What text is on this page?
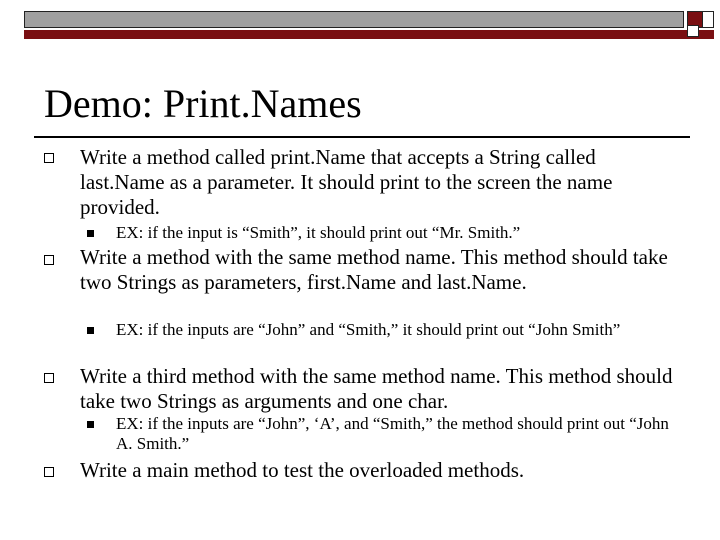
Demo: Print.Names
Write a method called print.Name that accepts a String called last.Name as a parameter. It should print to the screen the name provided.
EX: if the input is “Smith”, it should print out “Mr. Smith.”
Write a method with the same method name. This method should take two Strings as parameters, first.Name and last.Name.
EX: if the inputs are “John” and “Smith,” it should print out “John Smith”
Write a third method with the same method name. This method should take two Strings as arguments and one char.
EX: if the inputs are “John”, ‘A’, and “Smith,” the method should print out “John A. Smith.”
Write a main method to test the overloaded methods.
